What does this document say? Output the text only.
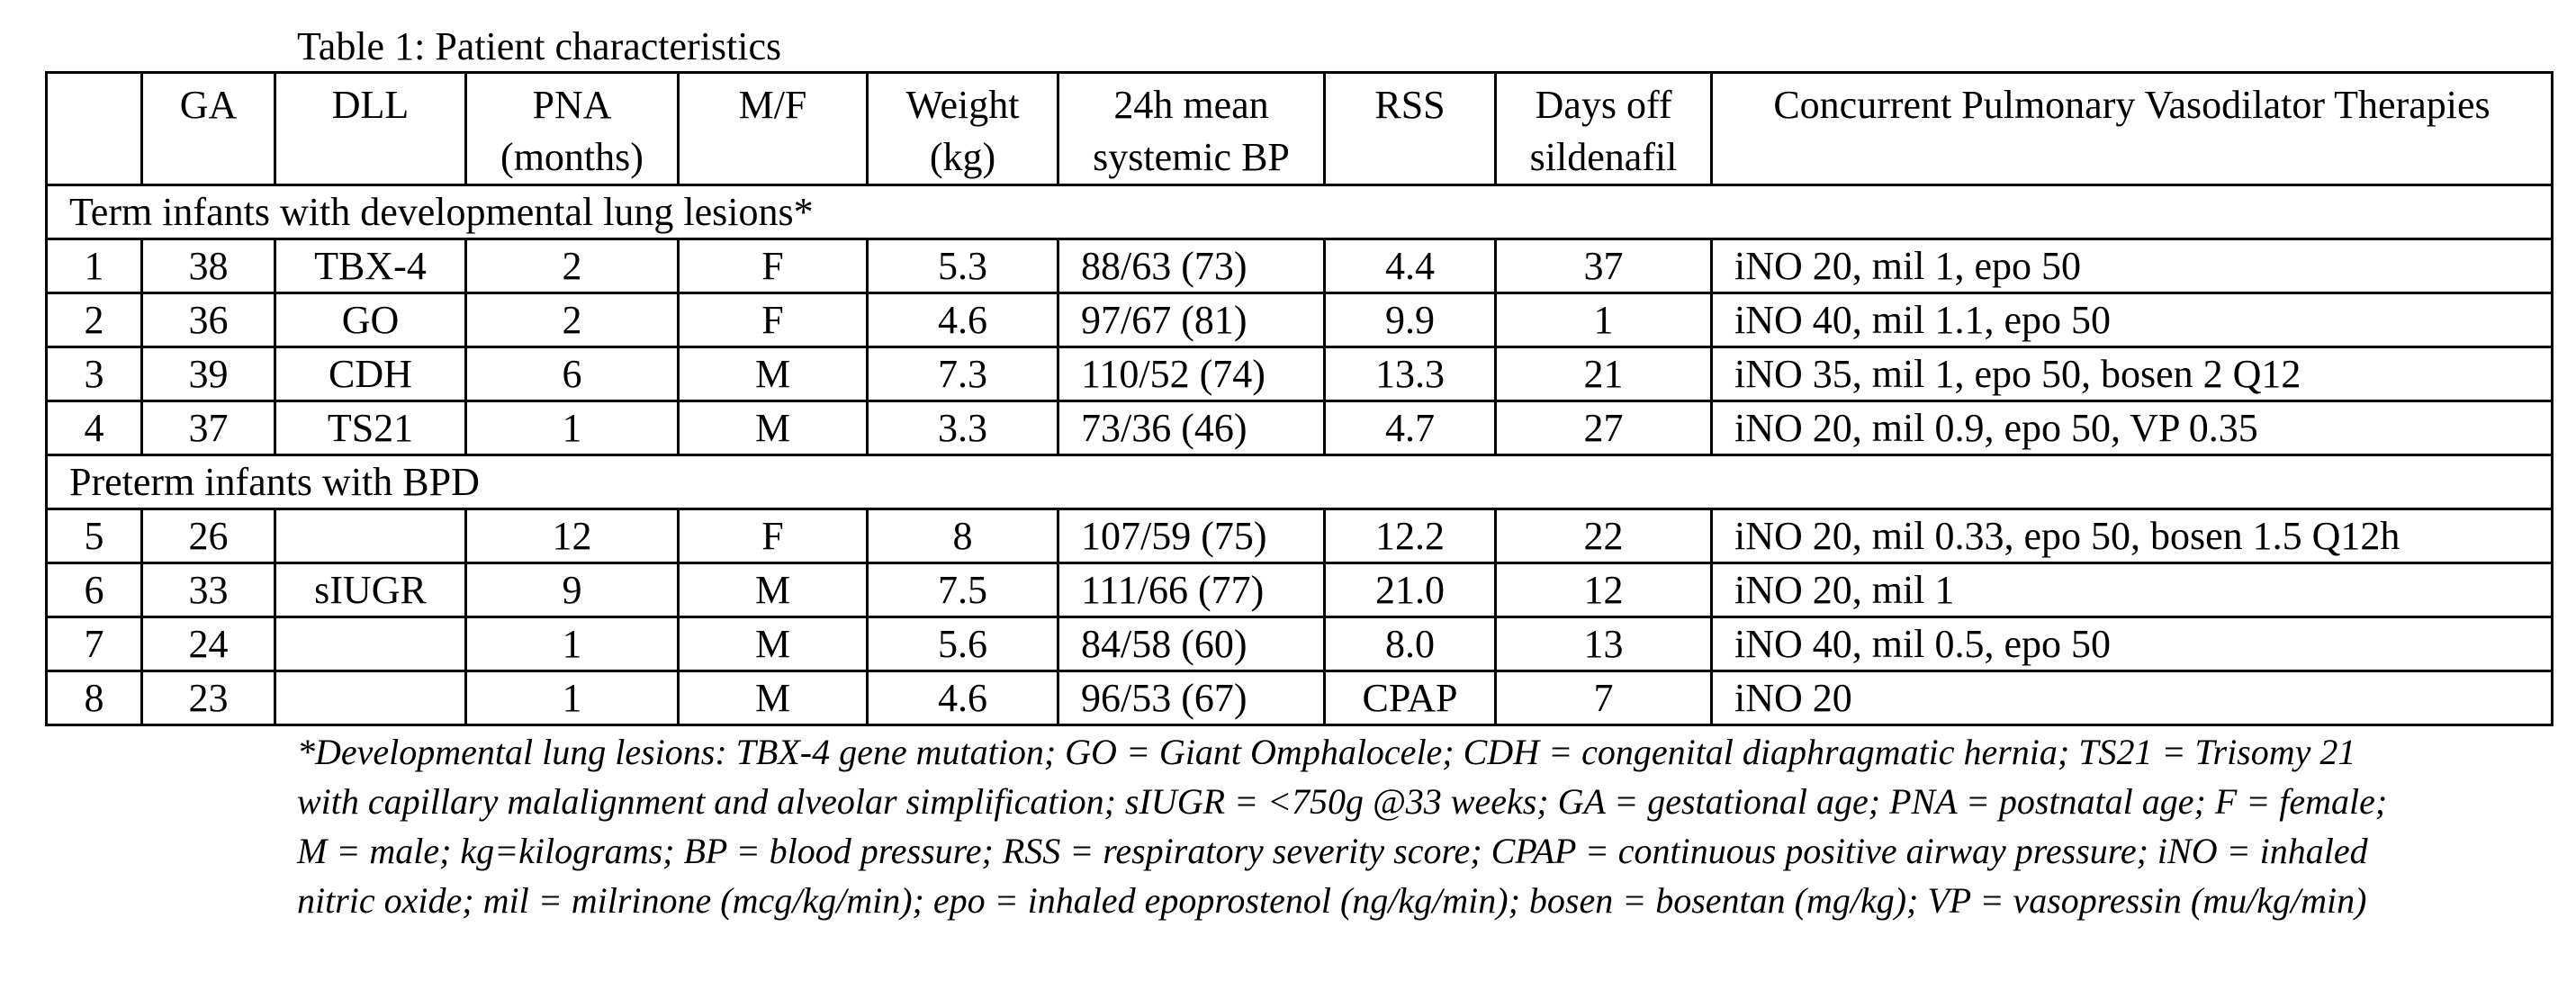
Table 1: Patient characteristics
	GA	DLL	PNA (months)	M/F	Weight (kg)	24h mean systemic BP	RSS	Days off sildenafil	Concurrent Pulmonary Vasodilator Therapies
Term infants with developmental lung lesions*									
1	38	TBX-4	2	F	5.3	88/63 (73)	4.4	37	iNO 20, mil 1, epo 50
2	36	GO	2	F	4.6	97/67 (81)	9.9	1	iNO 40, mil 1.1, epo 50
3	39	CDH	6	M	7.3	110/52 (74)	13.3	21	iNO 35, mil 1, epo 50, bosen 2 Q12
4	37	TS21	1	M	3.3	73/36 (46)	4.7	27	iNO 20, mil 0.9, epo 50, VP 0.35
Preterm infants with BPD									
5	26		12	F	8	107/59 (75)	12.2	22	iNO 20, mil 0.33, epo 50, bosen 1.5 Q12h
6	33	sIUGR	9	M	7.5	111/66 (77)	21.0	12	iNO 20, mil 1
7	24		1	M	5.6	84/58 (60)	8.0	13	iNO 40, mil 0.5, epo 50
8	23		1	M	4.6	96/53 (67)	CPAP	7	iNO 20
*Developmental lung lesions: TBX-4 gene mutation; GO = Giant Omphalocele; CDH = congenital diaphragmatic hernia; TS21 = Trisomy 21 with capillary malalignment and alveolar simplification; sIUGR = <750g @33 weeks; GA = gestational age; PNA = postnatal age; F = female; M = male; kg=kilograms; BP = blood pressure; RSS = respiratory severity score; CPAP = continuous positive airway pressure; iNO = inhaled nitric oxide; mil = milrinone (mcg/kg/min); epo = inhaled epoprostenol (ng/kg/min); bosen = bosentan (mg/kg); VP = vasopressin (mu/kg/min)
